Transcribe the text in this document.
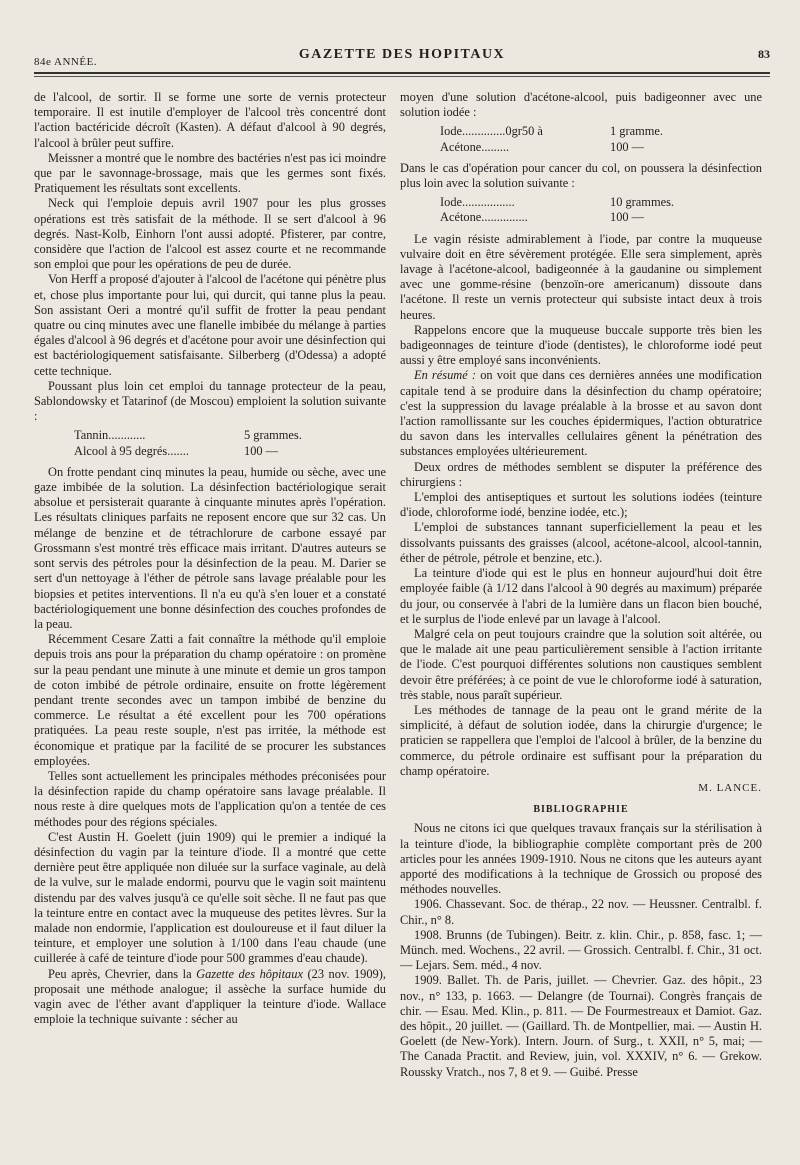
84e ANNÉE.	GAZETTE DES HOPITAUX	83

de l'alcool, de sortir. Il se forme une sorte de vernis protecteur temporaire. Il est inutile d'employer de l'alcool très concentré dont l'action bactéricide décroît (Kasten). A défaut d'alcool à 90 degrés, l'alcool à brûler peut suffire.

Meissner a montré que le nombre des bactéries n'est pas ici moindre que par le savonnage-brossage, mais que les germes sont fixés. Pratiquement les résultats sont excellents.

Neck qui l'emploie depuis avril 1907 pour les plus grosses opérations est très satisfait de la méthode. Il se sert d'alcool à 96 degrés. Nast-Kolb, Einhorn l'ont aussi adopté. Pfisterer, par contre, considère que l'action de l'alcool est assez courte et ne recommande son emploi que pour les opérations de peu de durée.

Von Herff a proposé d'ajouter à l'alcool de l'acétone qui pénètre plus et, chose plus importante pour lui, qui durcit, qui tanne plus la peau. Son assistant Oeri a montré qu'il suffit de frotter la peau pendant quatre ou cinq minutes avec une flanelle imbibée du mélange à parties égales d'alcool à 96 degrés et d'acétone pour avoir une désinfection qui est bactériologiquement satisfaisante. Silberberg (d'Odessa) a adopté cette technique.

Poussant plus loin cet emploi du tannage protecteur de la peau, Sablondowsky et Tatarinof (de Moscou) emploient la solution suivante :

Tannin............	5 grammes.
Alcool à 95 degrés.......	100 —

On frotte pendant cinq minutes la peau, humide ou sèche, avec une gaze imbibée de la solution. La désinfection bactériologique serait absolue et persisterait quarante à cinquante minutes après l'opération. Les résultats cliniques parfaits ne reposent encore que sur 32 cas. Un mélange de benzine et de tétrachlorure de carbone essayé par Grossmann s'est montré très efficace mais irritant. D'autres auteurs se sont servis des pétroles pour la désinfection de la peau. M. Darier se sert d'un nettoyage à l'éther de pétrole sans lavage préalable pour les biopsies et petites interventions. Il n'a eu qu'à s'en louer et a constaté bactériologiquement une bonne désinfection des couches profondes de la peau.

Récemment Cesare Zatti a fait connaître la méthode qu'il emploie depuis trois ans pour la préparation du champ opératoire : on promène sur la peau pendant une minute à une minute et demie un gros tampon de coton imbibé de pétrole ordinaire, ensuite on frotte légèrement pendant trente secondes avec un tampon imbibé de benzine du commerce. Le résultat a été excellent pour les 700 opérations pratiquées. La peau reste souple, n'est pas irritée, la méthode est économique et pratique par la facilité de se procurer les substances employées.

Telles sont actuellement les principales méthodes préconisées pour la désinfection rapide du champ opératoire sans lavage préalable. Il nous reste à dire quelques mots de l'application qu'on a tentée de ces méthodes pour des régions spéciales.

C'est Austin H. Goelett (juin 1909) qui le premier a indiqué la désinfection du vagin par la teinture d'iode. Il a montré que cette dernière peut être appliquée non diluée sur la surface vaginale, au delà de la vulve, sur le malade endormi, pourvu que le vagin soit maintenu distendu par des valves jusqu'à ce qu'elle soit sèche. Il ne faut pas que la teinture entre en contact avec la muqueuse des petites lèvres. Sur la malade non endormie, l'application est douloureuse et il faut diluer la teinture, et employer une solution à 1/100 dans l'eau chaude (une cuillerée à café de teinture d'iode pour 500 grammes d'eau chaude).

Peu après, Chevrier, dans la Gazette des hôpitaux (23 nov. 1909), proposait une méthode analogue; il assèche la surface humide du vagin avec de l'éther avant d'appliquer la teinture d'iode. Wallace emploie la technique suivante : sécher au

moyen d'une solution d'acétone-alcool, puis badigeonner avec une solution iodée :

Iode..............0gr50 à	1 gramme.
Acétone.........	100 —

Dans le cas d'opération pour cancer du col, on poussera la désinfection plus loin avec la solution suivante :

Iode.................	10 grammes.
Acétone...............	100 —

Le vagin résiste admirablement à l'iode, par contre la muqueuse vulvaire doit en être sévèrement protégée. Elle sera simplement, après lavage à l'acétone-alcool, badigeonnée à la gaudanine ou simplement avec une gomme-résine (benzoïn-ore americanum) dissoute dans l'acétone. Il reste un vernis protecteur qui subsiste intact deux à trois heures.

Rappelons encore que la muqueuse buccale supporte très bien les badigeonnages de teinture d'iode (dentistes), le chloroforme iodé peut aussi y être employé sans inconvénients.

En résumé : on voit que dans ces dernières années une modification capitale tend à se produire dans la désinfection du champ opératoire; c'est la suppression du lavage préalable à la brosse et au savon dont l'action ramollissante sur les couches épidermiques, l'action obturatrice du savon dans les intervalles cellulaires gênent la pénétration des substances employées ultérieurement.

Deux ordres de méthodes semblent se disputer la préférence des chirurgiens :

L'emploi des antiseptiques et surtout les solutions iodées (teinture d'iode, chloroforme iodé, benzine iodée, etc.);

L'emploi de substances tannant superficiellement la peau et les dissolvants puissants des graisses (alcool, acétone-alcool, alcool-tannin, éther de pétrole, pétrole et benzine, etc.).

La teinture d'iode qui est le plus en honneur aujourd'hui doit être employée faible (à 1/12 dans l'alcool à 90 degrés au maximum) préparée du jour, ou conservée à l'abri de la lumière dans un flacon bien bouché, et le surplus de l'iode enlevé par un lavage à l'alcool.

Malgré cela on peut toujours craindre que la solution soit altérée, ou que le malade ait une peau particulièrement sensible à l'action irritante de l'iode. C'est pourquoi différentes solutions non caustiques semblent devoir être préférées; à ce point de vue le chloroforme iodé à saturation, très stable, nous paraît supérieur.

Les méthodes de tannage de la peau ont le grand mérite de la simplicité, à défaut de solution iodée, dans la chirurgie d'urgence; le praticien se rappellera que l'emploi de l'alcool à brûler, de la benzine du commerce, du pétrole ordinaire est suffisant pour la préparation du champ opératoire.

M. LANCE.
BIBLIOGRAPHIE

Nous ne citons ici que quelques travaux français sur la stérilisation à la teinture d'iode, la bibliographie complète comportant près de 200 articles pour les années 1909-1910. Nous ne citons que les auteurs ayant apporté des modifications à la technique de Grossich ou proposé des méthodes nouvelles.

1906. Chassevant. Soc. de thérap., 22 nov. — Heussner. Centralbl. f. Chir., n° 8.

1908. Brunns (de Tubingen). Beitr. z. klin. Chir., p. 858, fasc. 1; — Münch. med. Wochens., 22 avril. — Grossich. Centralbl. f. Chir., 31 oct. — Lejars. Sem. méd., 4 nov.

1909. Ballet. Th. de Paris, juillet. — Chevrier. Gaz. des hôpit., 23 nov., n° 133, p. 1663. — Delangre (de Tournai). Congrès français de chir. — Esau. Med. Klin., p. 811. — De Fourmestreaux et Damiot. Gaz. des hôpit., 20 juillet. — (Gaillard. Th. de Montpellier, mai. — Austin H. Goelett (de New-York). Intern. Journ. of Surg., t. XXII, n° 5, mai; — The Canada Practit. and Review, juin, vol. XXXIV, n° 6. — Grekow. Roussky Vratch., nos 7, 8 et 9. — Guibé. Presse
